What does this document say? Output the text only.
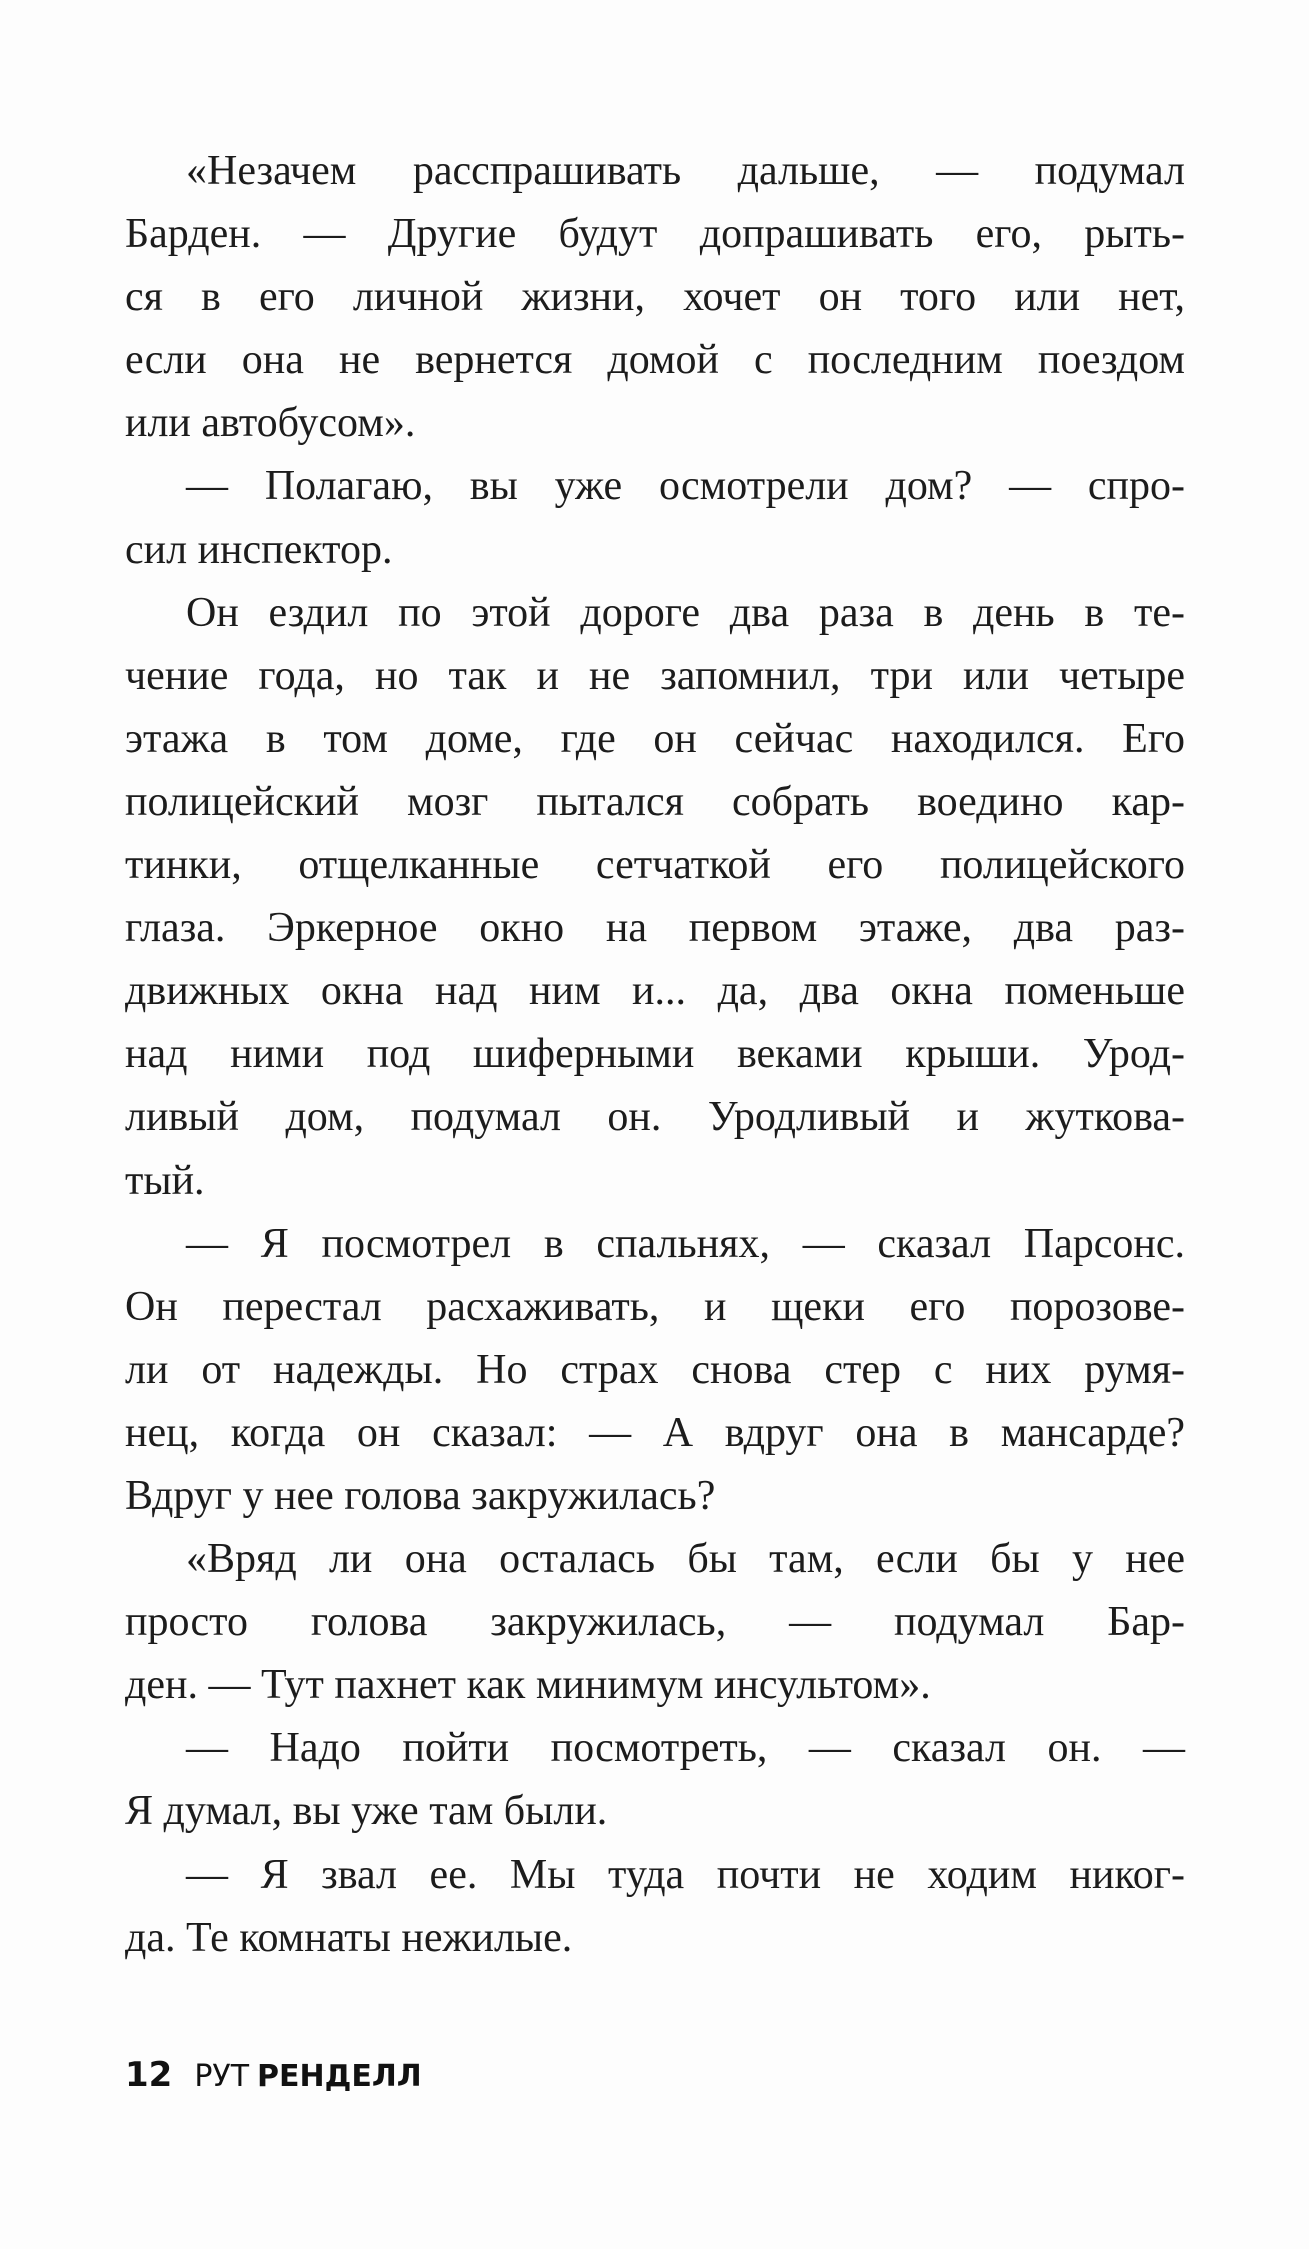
«Незачем расспрашивать дальше, — подумал
Барден. — Другие будут допрашивать его, рыть-
ся в его личной жизни, хочет он того или нет,
если она не вернется домой с последним поездом
или автобусом».
— Полагаю, вы уже осмотрели дом? — спро-
сил инспектор.
Он ездил по этой дороге два раза в день в те-
чение года, но так и не запомнил, три или четыре
этажа в том доме, где он сейчас находился. Его
полицейский мозг пытался собрать воедино кар-
тинки, отщелканные сетчаткой его полицейского
глаза. Эркерное окно на первом этаже, два раз-
движных окна над ним и... да, два окна поменьше
над ними под шиферными веками крыши. Урод-
ливый дом, подумал он. Уродливый и жуткова-
тый.
— Я посмотрел в спальнях, — сказал Парсонс.
Он перестал расхаживать, и щеки его порозове-
ли от надежды. Но страх снова стер с них румя-
нец, когда он сказал: — А вдруг она в мансарде?
Вдруг у нее голова закружилась?
«Вряд ли она осталась бы там, если бы у нее
просто голова закружилась, — подумал Бар-
ден. — Тут пахнет как минимум инсультом».
— Надо пойти посмотреть, — сказал он. —
Я думал, вы уже там были.
— Я звал ее. Мы туда почти не ходим никог-
да. Те комнаты нежилые.
12 РУТ РЕНДЕЛЛ
